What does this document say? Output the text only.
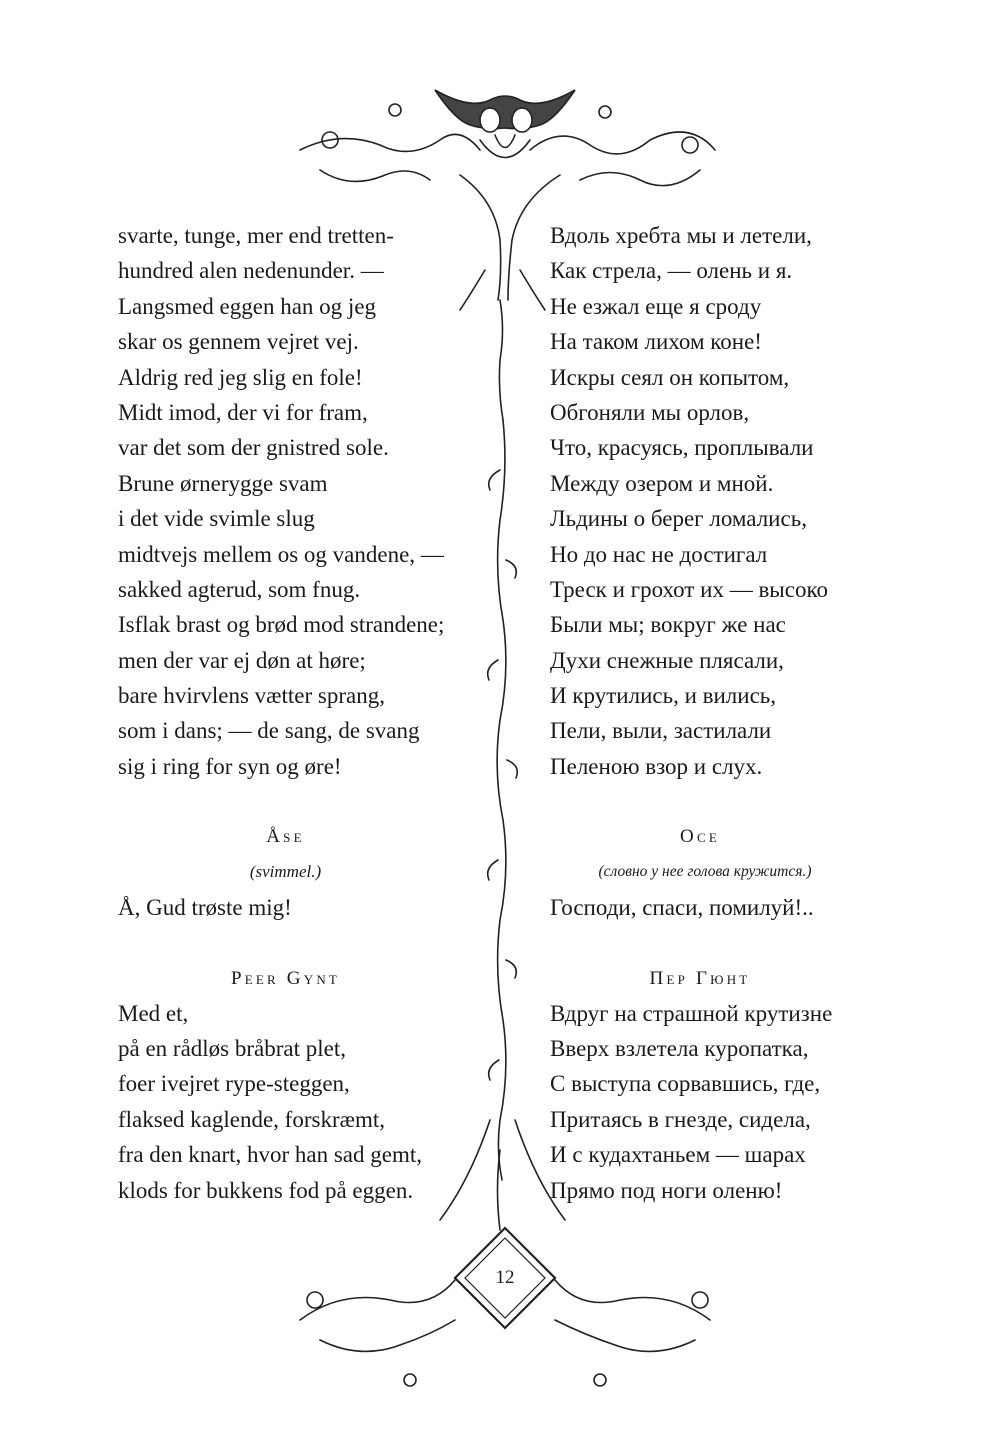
svarte, tunge, mer end tretten-
hundred alen nedenunder. —
Langsmed eggen han og jeg
skar os gennem vejret vej.
Aldrig red jeg slig en fole!
Midt imod, der vi for fram,
var det som der gnistred sole.
Brune ørnerygge svam
i det vide svimle slug
midtvejs mellem os og vandene, —
sakked agterud, som fnug.
Isflak brast og brød mod strandene;
men der var ej døn at høre;
bare hvirvlens vætter sprang,
som i dans; — de sang, de svang
sig i ring for syn og øre!
Åse
(svimmel.)
Å, Gud trøste mig!
Peer Gynt
Med et,
på en rådløs bråbrat plet,
foer ivejret rype-steggen,
flaksed kaglende, forskræmt,
fra den knart, hvor han sad gemt,
klods for bukkens fod på eggen.
Вдоль хребта мы и летели,
Как стрела, — олень и я.
Не езжал еще я сроду
На таком лихом коне!
Искры сеял он копытом,
Обгоняли мы орлов,
Что, красуясь, проплывали
Между озером и мной.
Льдины о берег ломались,
Но до нас не достигал
Треск и грохот их — высоко
Были мы; вокруг же нас
Духи снежные плясали,
И крутились, и вились,
Пели, выли, застилали
Пеленою взор и слух.
Осе
(словно у нее голова кружится.)
Господи, спаси, помилуй!..
Пер Гюнт
Вдруг на страшной крутизне
Вверх взлетела куропатка,
С выступа сорвавшись, где,
Притаясь в гнезде, сидела,
И с кудахтаньем — шарах
Прямо под ноги оленю!
12
